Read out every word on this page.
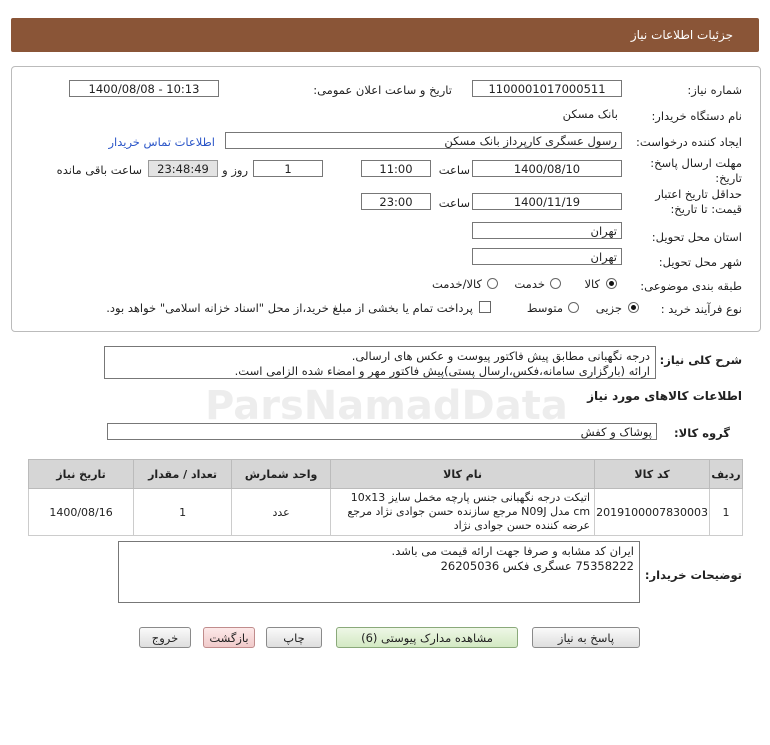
جزئیات اطلاعات نیاز
ParsNamadData
شماره نیاز:
1100001017000511
تاریخ و ساعت اعلان عمومی:
1400/08/08 - 10:13
نام دستگاه خریدار:
بانک مسکن
ایجاد کننده درخواست:
رسول عسگری کارپرداز بانک مسکن
اطلاعات تماس خریدار
مهلت ارسال پاسخ:
تاریخ:
1400/08/10
ساعت
11:00
1
روز و
23:48:49
ساعت باقی مانده
حداقل تاریخ اعتبار
قیمت: تا تاریخ:
1400/11/19
ساعت
23:00
استان محل تحویل:
تهران
شهر محل تحویل:
تهران
طبقه بندی موضوعی:
کالا
خدمت
کالا/خدمت
نوع فرآیند خرید :
جزیی
متوسط
پرداخت تمام یا بخشی از مبلغ خرید،از محل "اسناد خزانه اسلامی" خواهد بود.
شرح کلی نیاز:
درجه نگهبانی مطابق پیش فاکتور پیوست و عکس های ارسالی.
ارائه (بارگزاری سامانه،فکس،ارسال پستی)پیش فاکتور مهر و امضاء شده الزامی است.
اطلاعات کالاهای مورد نیاز
گروه کالا:
پوشاک و کفش
ردیف	کد کالا	نام کالا	واحد شمارش	تعداد / مقدار	تاریخ نیاز
1	2019100007830003	اتیکت درجه نگهبانی جنس پارچه مخمل سایز 10x13 cm مدل N09J مرجع سازنده حسن جوادی نژاد مرجع عرضه کننده حسن جوادی نژاد	عدد	1	1400/08/16
توضیحات خریدار:
ایران کد مشابه و صرفا جهت ارائه قیمت می باشد.
75358222 عسگری فکس 26205036
پاسخ به نیاز
مشاهده مدارک پیوستی (6)
چاپ
بازگشت
خروج
